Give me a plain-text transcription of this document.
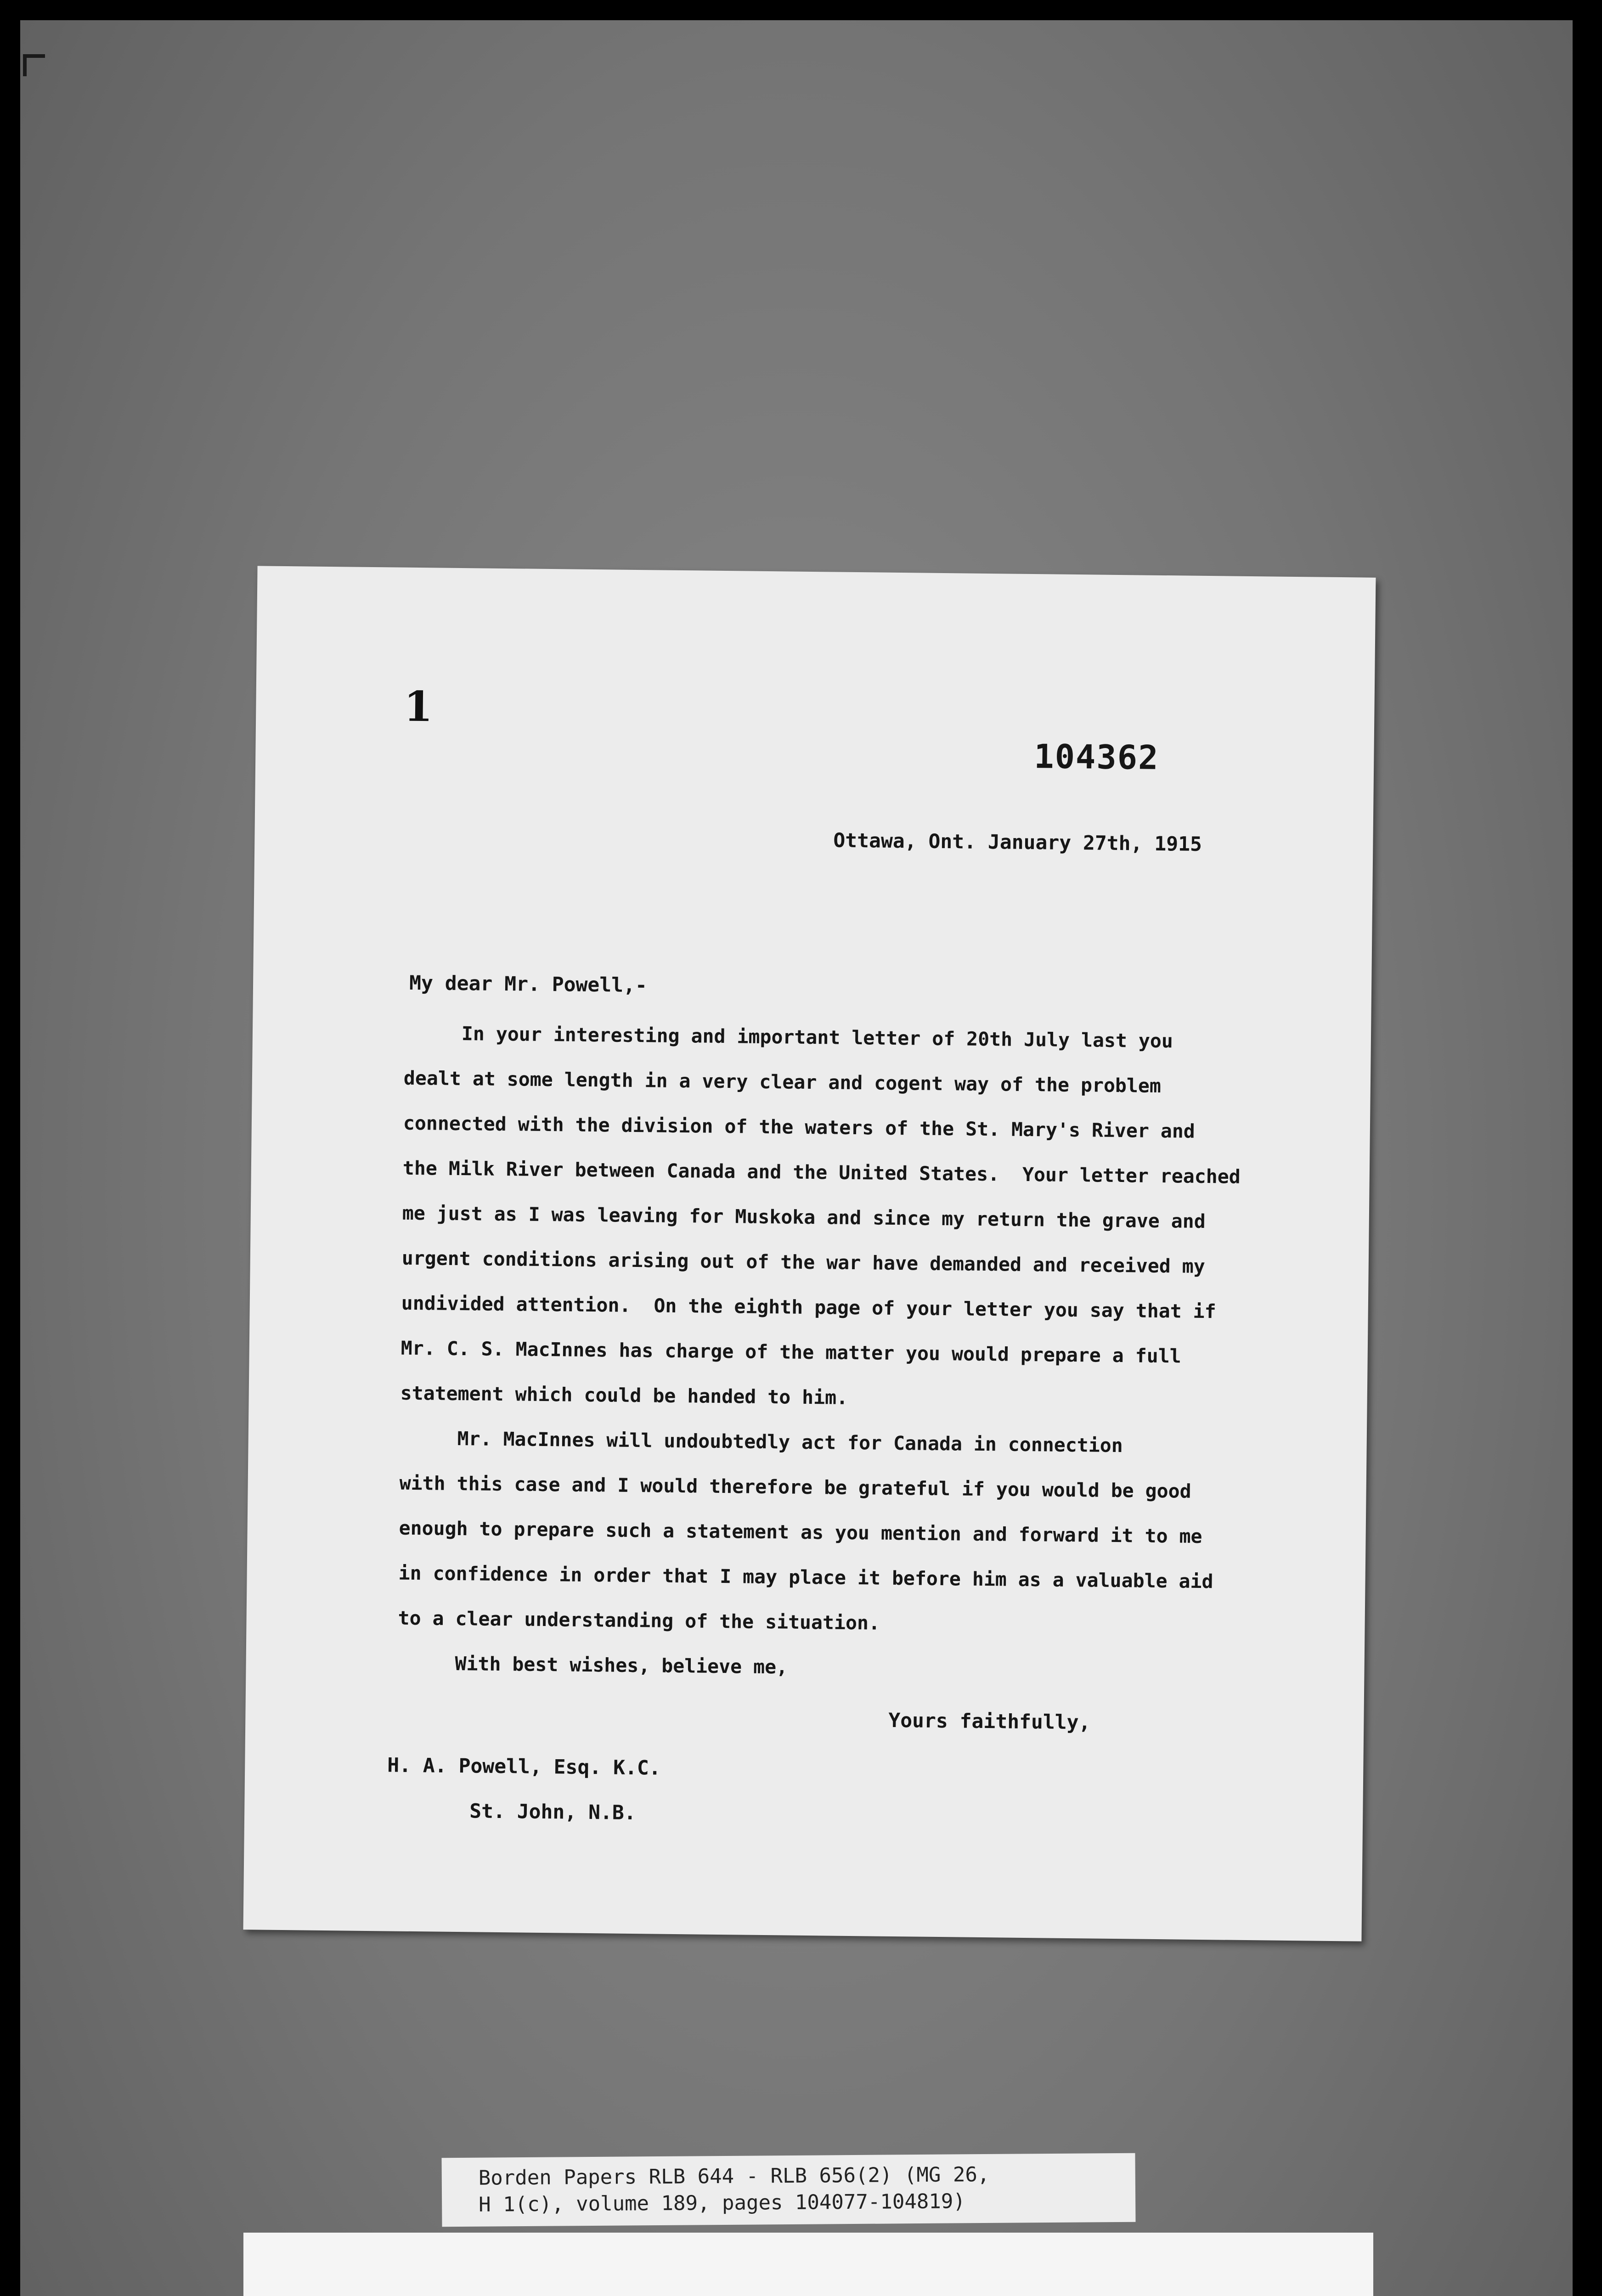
1
104362
Ottawa, Ont. January 27th, 1915
My dear Mr. Powell,-
In your interesting and important letter of 20th July last you
dealt at some length in a very clear and cogent way of the problem
connected with the division of the waters of the St. Mary's River and
the Milk River between Canada and the United States.  Your letter reached
me just as I was leaving for Muskoka and since my return the grave and
urgent conditions arising out of the war have demanded and received my
undivided attention.  On the eighth page of your letter you say that if
Mr. C. S. MacInnes has charge of the matter you would prepare a full
statement which could be handed to him.
Mr. MacInnes will undoubtedly act for Canada in connection
with this case and I would therefore be grateful if you would be good
enough to prepare such a statement as you mention and forward it to me
in confidence in order that I may place it before him as a valuable aid
to a clear understanding of the situation.
With best wishes, believe me,
Yours faithfully,
H. A. Powell, Esq. K.C.
St. John, N.B.
Borden Papers RLB 644 - RLB 656(2) (MG 26,
H 1(c), volume 189, pages 104077-104819)
